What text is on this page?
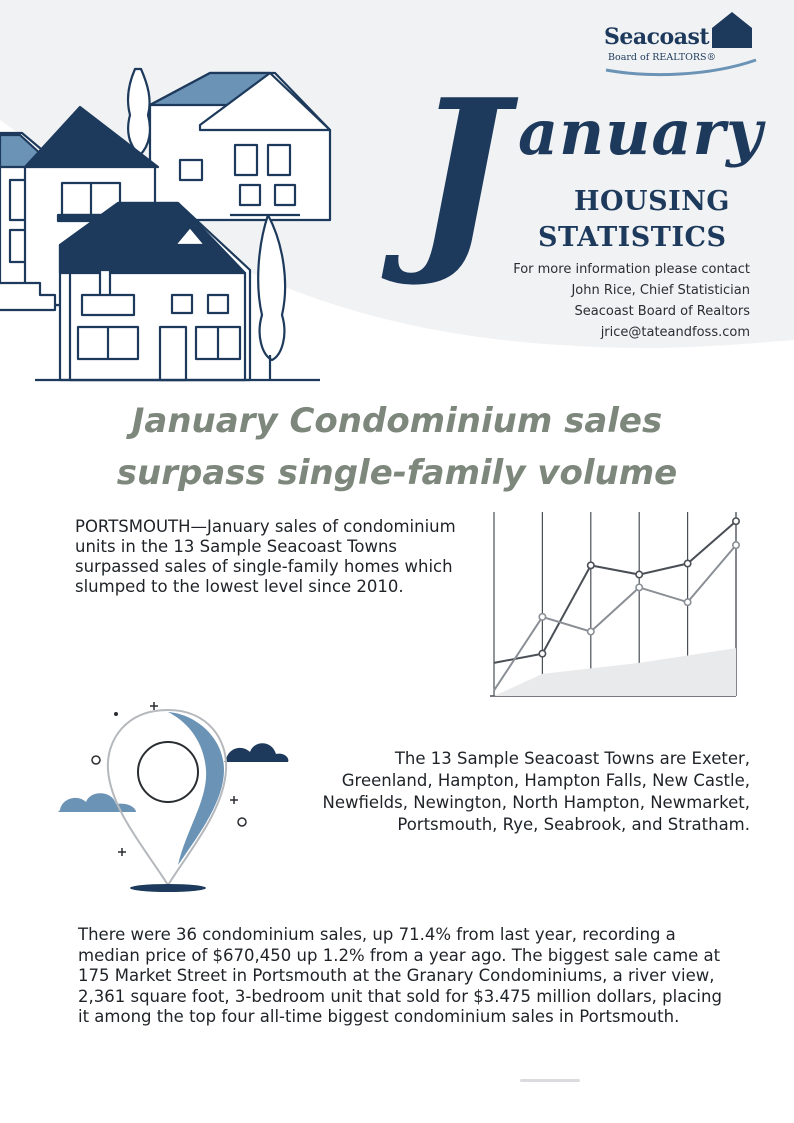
Seacoast
Board of REALTORS®
J anuary
HOUSING
STATISTICS
For more information please contact
John Rice, Chief Statistician
Seacoast Board of Realtors
jrice@tateandfoss.com
January Condominium sales
surpass single-family volume

PORTSMOUTH—January sales of condominium units in the 13 Sample Seacoast Towns surpassed sales of single-family homes which slumped to the lowest level since 2010.

The 13 Sample Seacoast Towns are Exeter, Greenland, Hampton, Hampton Falls, New Castle, Newfields, Newington, North Hampton, Newmarket, Portsmouth, Rye, Seabrook, and Stratham.

There were 36 condominium sales, up 71.4% from last year, recording a median price of $670,450 up 1.2% from a year ago. The biggest sale came at 175 Market Street in Portsmouth at the Granary Condominiums, a river view, 2,361 square foot, 3-bedroom unit that sold for $3.475 million dollars, placing it among the top four all-time biggest condominium sales in Portsmouth.
